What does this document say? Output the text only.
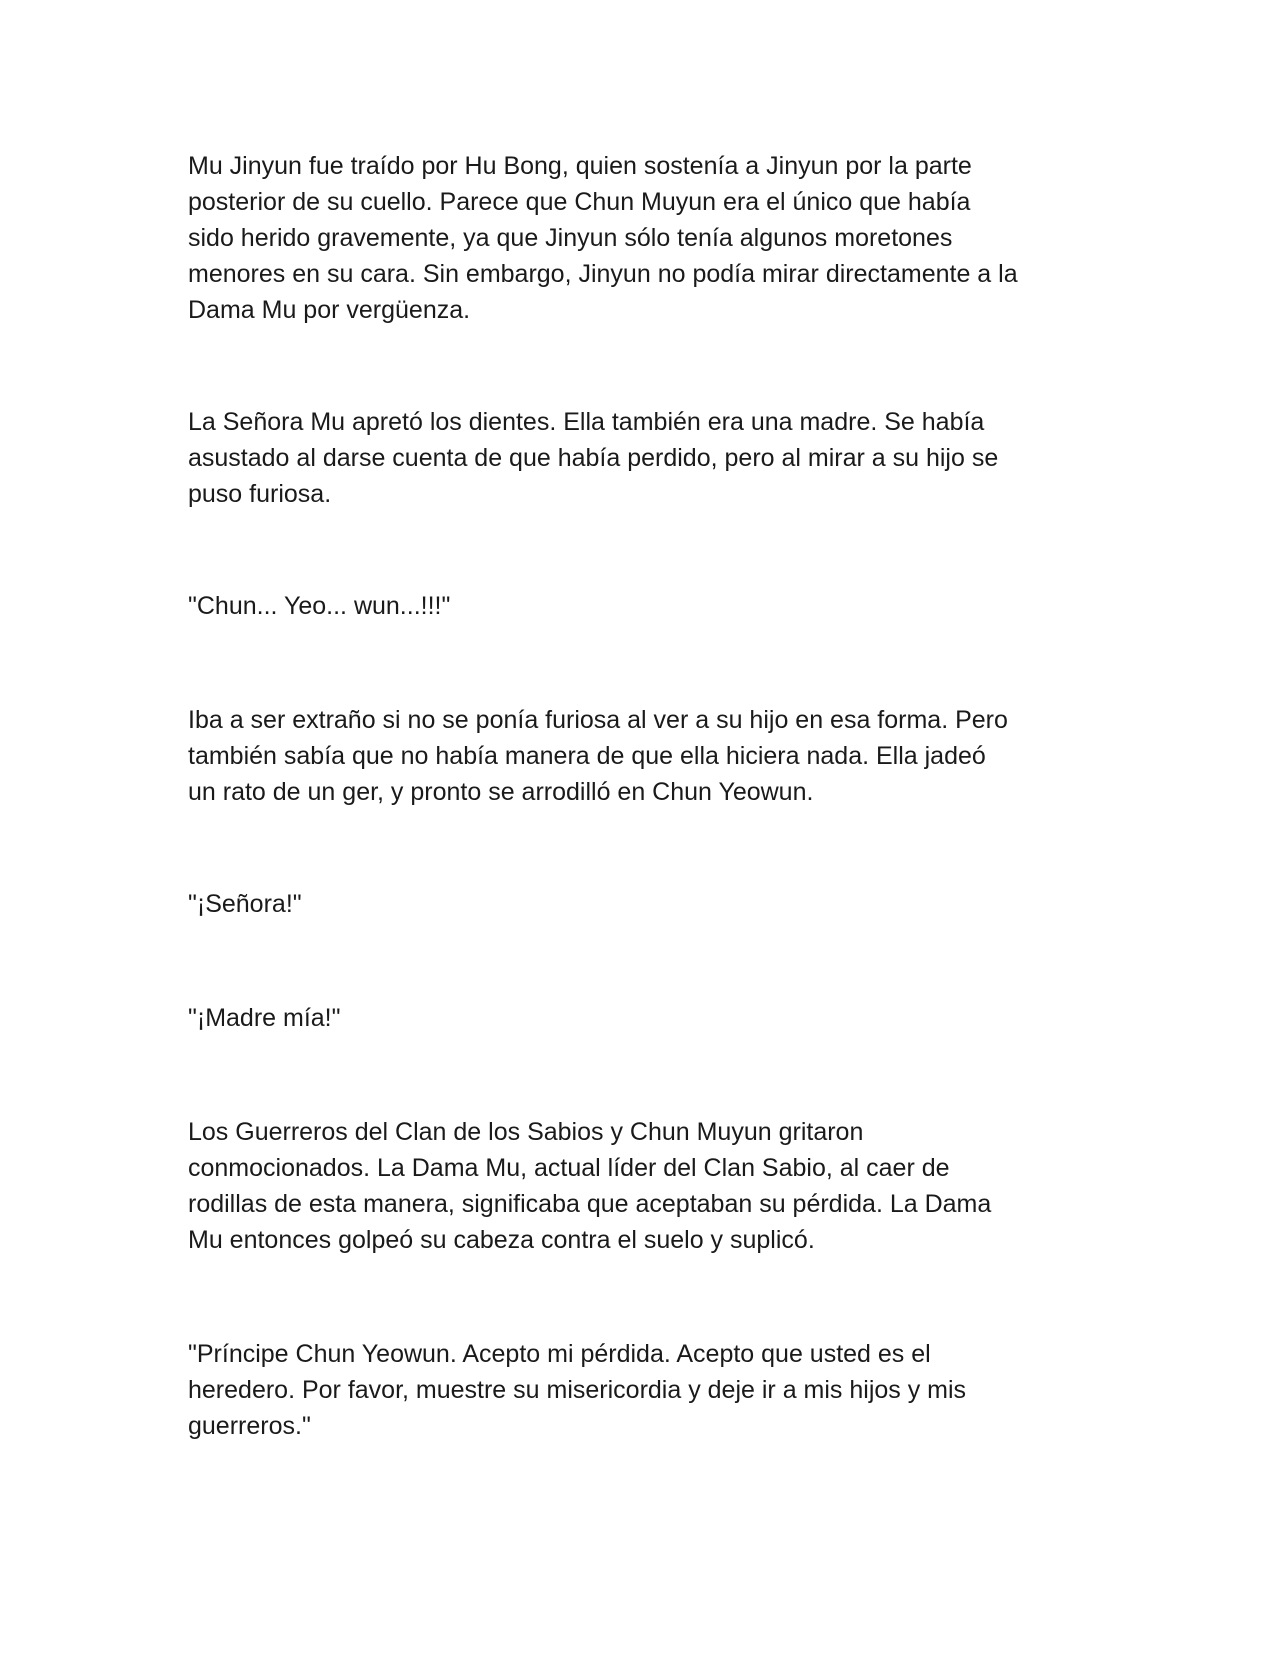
Mu Jinyun fue traído por Hu Bong, quien sostenía a Jinyun por la parte
posterior de su cuello. Parece que Chun Muyun era el único que había
sido herido gravemente, ya que Jinyun sólo tenía algunos moretones
menores en su cara. Sin embargo, Jinyun no podía mirar directamente a la
Dama Mu por vergüenza.

La Señora Mu apretó los dientes. Ella también era una madre. Se había
asustado al darse cuenta de que había perdido, pero al mirar a su hijo se
puso furiosa.

"Chun... Yeo... wun...!!!"

Iba a ser extraño si no se ponía furiosa al ver a su hijo en esa forma. Pero
también sabía que no había manera de que ella hiciera nada. Ella jadeó
un rato de un ger, y pronto se arrodilló en Chun Yeowun.

"¡Señora!"

"¡Madre mía!"

Los Guerreros del Clan de los Sabios y Chun Muyun gritaron
conmocionados. La Dama Mu, actual líder del Clan Sabio, al caer de
rodillas de esta manera, significaba que aceptaban su pérdida. La Dama
Mu entonces golpeó su cabeza contra el suelo y suplicó.

"Príncipe Chun Yeowun. Acepto mi pérdida. Acepto que usted es el
heredero. Por favor, muestre su misericordia y deje ir a mis hijos y mis
guerreros."
